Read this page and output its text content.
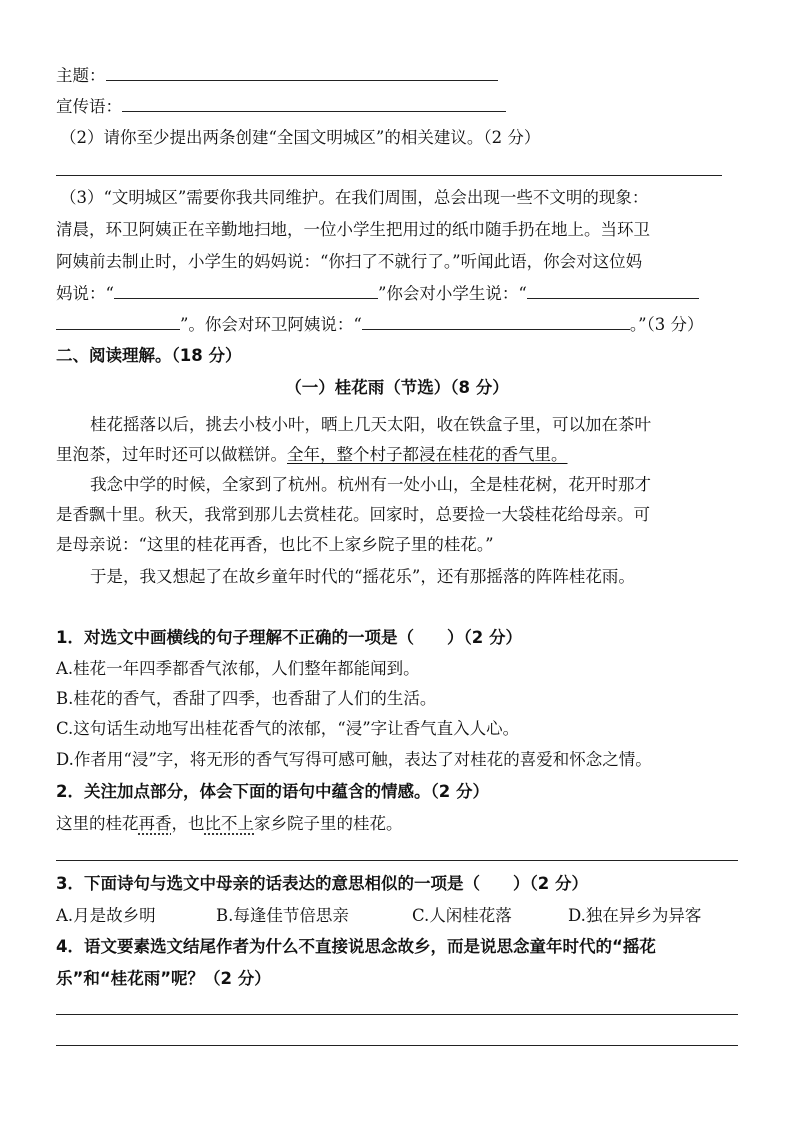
主题：
宣传语：
（2）请你至少提出两条创建“全国文明城区”的相关建议。（2 分）
（3）“文明城区”需要你我共同维护。在我们周围，总会出现一些不文明的现象：
清晨，环卫阿姨正在辛勤地扫地，一位小学生把用过的纸巾随手扔在地上。当环卫
阿姨前去制止时，小学生的妈妈说：“你扫了不就行了。”听闻此语，你会对这位妈
妈说：“	”你会对小学生说：“
”。你会对环卫阿姨说：“	。”（3 分）
二、阅读理解。（18 分）
（一）桂花雨（节选）（8 分）
桂花摇落以后，挑去小枝小叶，晒上几天太阳，收在铁盒子里，可以加在茶叶
里泡茶，过年时还可以做糕饼。全年，整个村子都浸在桂花的香气里。
我念中学的时候，全家到了杭州。杭州有一处小山，全是桂花树，花开时那才
是香飘十里。秋天，我常到那儿去赏桂花。回家时，总要捡一大袋桂花给母亲。可
是母亲说：“这里的桂花再香，也比不上家乡院子里的桂花。”
于是，我又想起了在故乡童年时代的“摇花乐”，还有那摇落的阵阵桂花雨。
1．对选文中画横线的句子理解不正确的一项是（　　）（2 分）
A.桂花一年四季都香气浓郁，人们整年都能闻到。
B.桂花的香气，香甜了四季，也香甜了人们的生活。
C.这句话生动地写出桂花香气的浓郁，“浸”字让香气直入人心。
D.作者用“浸”字，将无形的香气写得可感可触，表达了对桂花的喜爱和怀念之情。
2．关注加点部分，体会下面的语句中蕴含的情感。（2 分）
这里的桂花再香，也比不上家乡院子里的桂花。
3．下面诗句与选文中母亲的话表达的意思相似的一项是（　　）（2 分）
A.月是故乡明	B.每逢佳节倍思亲	C.人闲桂花落	D.独在异乡为异客
4．语文要素选文结尾作者为什么不直接说思念故乡，而是说思念童年时代的“摇花
乐”和“桂花雨”呢？（2 分）
